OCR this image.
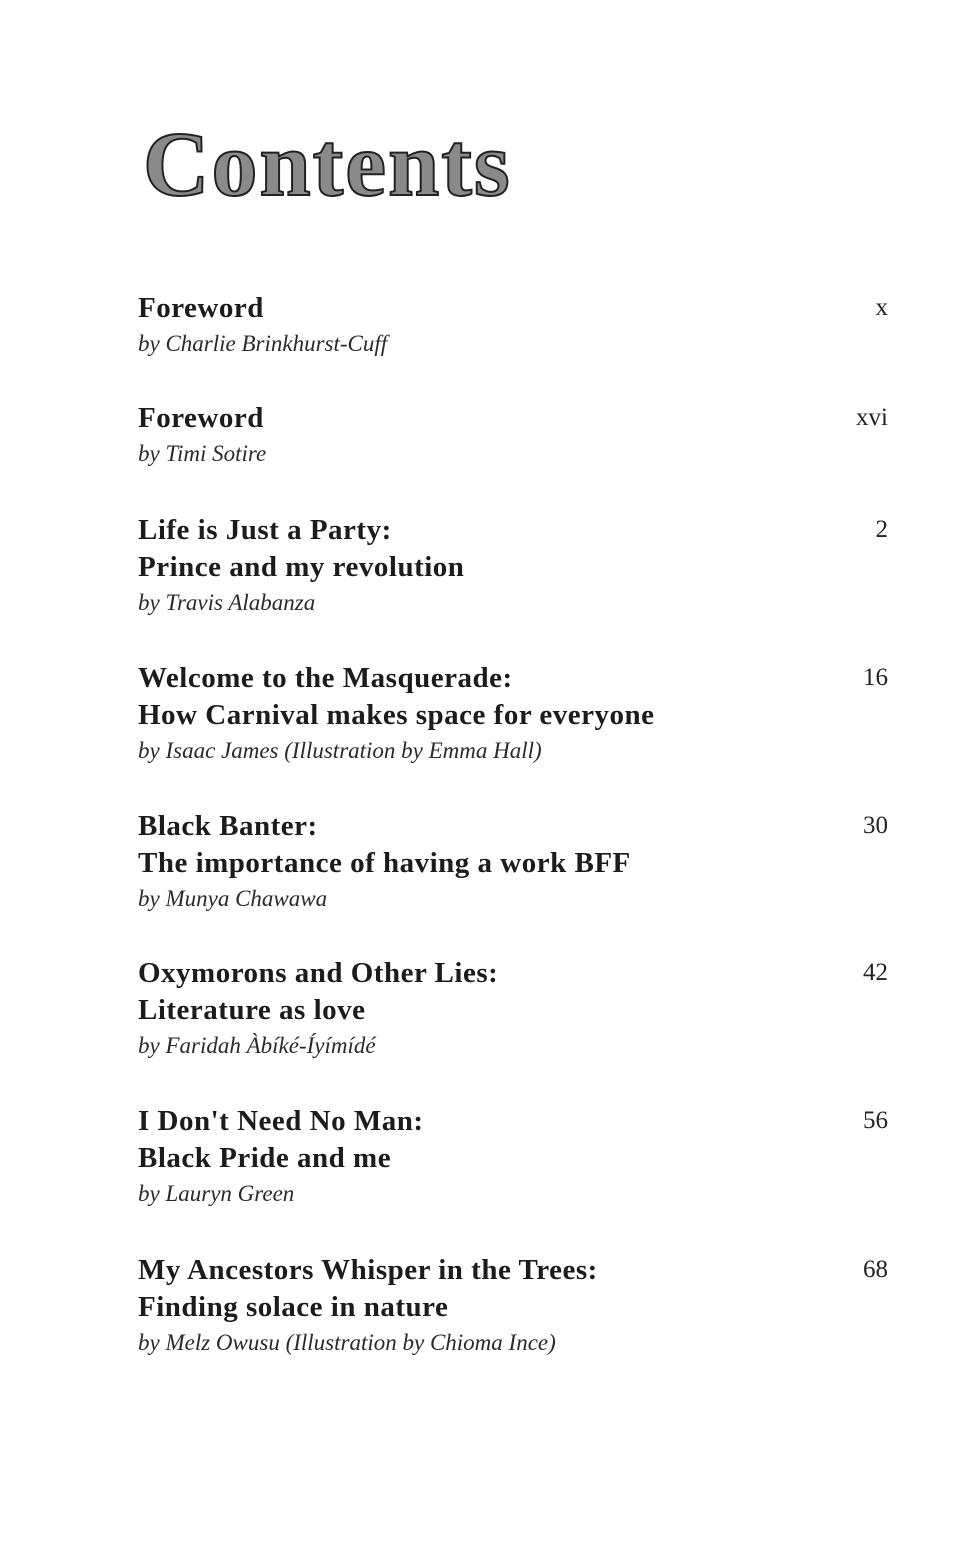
Contents
Foreword
by Charlie Brinkhurst-Cuff
x
Foreword
by Timi Sotire
xvi
Life is Just a Party:
Prince and my revolution
by Travis Alabanza
2
Welcome to the Masquerade:
How Carnival makes space for everyone
by Isaac James (Illustration by Emma Hall)
16
Black Banter:
The importance of having a work BFF
by Munya Chawawa
30
Oxymorons and Other Lies:
Literature as love
by Faridah Àbíké-Íyímídé
42
I Don't Need No Man:
Black Pride and me
by Lauryn Green
56
My Ancestors Whisper in the Trees:
Finding solace in nature
by Melz Owusu (Illustration by Chioma Ince)
68
